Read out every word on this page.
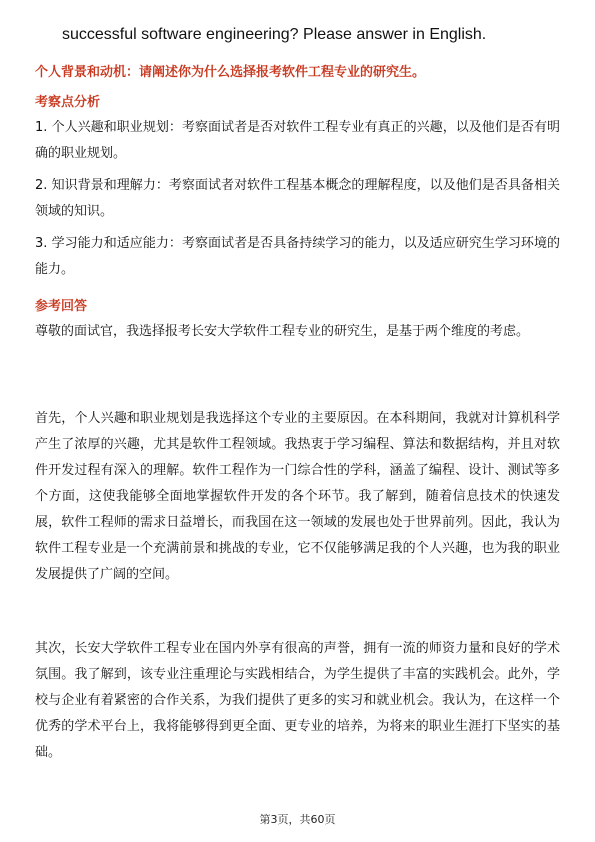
successful software engineering? Please answer in English.
个人背景和动机：请阐述你为什么选择报考软件工程专业的研究生。
考察点分析
1. 个人兴趣和职业规划：考察面试者是否对软件工程专业有真正的兴趣，以及他们是否有明确的职业规划。
2. 知识背景和理解力：考察面试者对软件工程基本概念的理解程度，以及他们是否具备相关领域的知识。
3. 学习能力和适应能力：考察面试者是否具备持续学习的能力，以及适应研究生学习环境的能力。
参考回答
尊敬的面试官，我选择报考长安大学软件工程专业的研究生，是基于两个维度的考虑。
首先，个人兴趣和职业规划是我选择这个专业的主要原因。在本科期间，我就对计算机科学产生了浓厚的兴趣，尤其是软件工程领域。我热衷于学习编程、算法和数据结构，并且对软件开发过程有深入的理解。软件工程作为一门综合性的学科，涵盖了编程、设计、测试等多个方面，这使我能够全面地掌握软件开发的各个环节。我了解到，随着信息技术的快速发展，软件工程师的需求日益增长，而我国在这一领域的发展也处于世界前列。因此，我认为软件工程专业是一个充满前景和挑战的专业，它不仅能够满足我的个人兴趣，也为我的职业发展提供了广阔的空间。
其次，长安大学软件工程专业在国内外享有很高的声誉，拥有一流的师资力量和良好的学术氛围。我了解到，该专业注重理论与实践相结合，为学生提供了丰富的实践机会。此外，学校与企业有着紧密的合作关系，为我们提供了更多的实习和就业机会。我认为，在这样一个优秀的学术平台上，我将能够得到更全面、更专业的培养，为将来的职业生涯打下坚实的基础。
第3页，共60页
